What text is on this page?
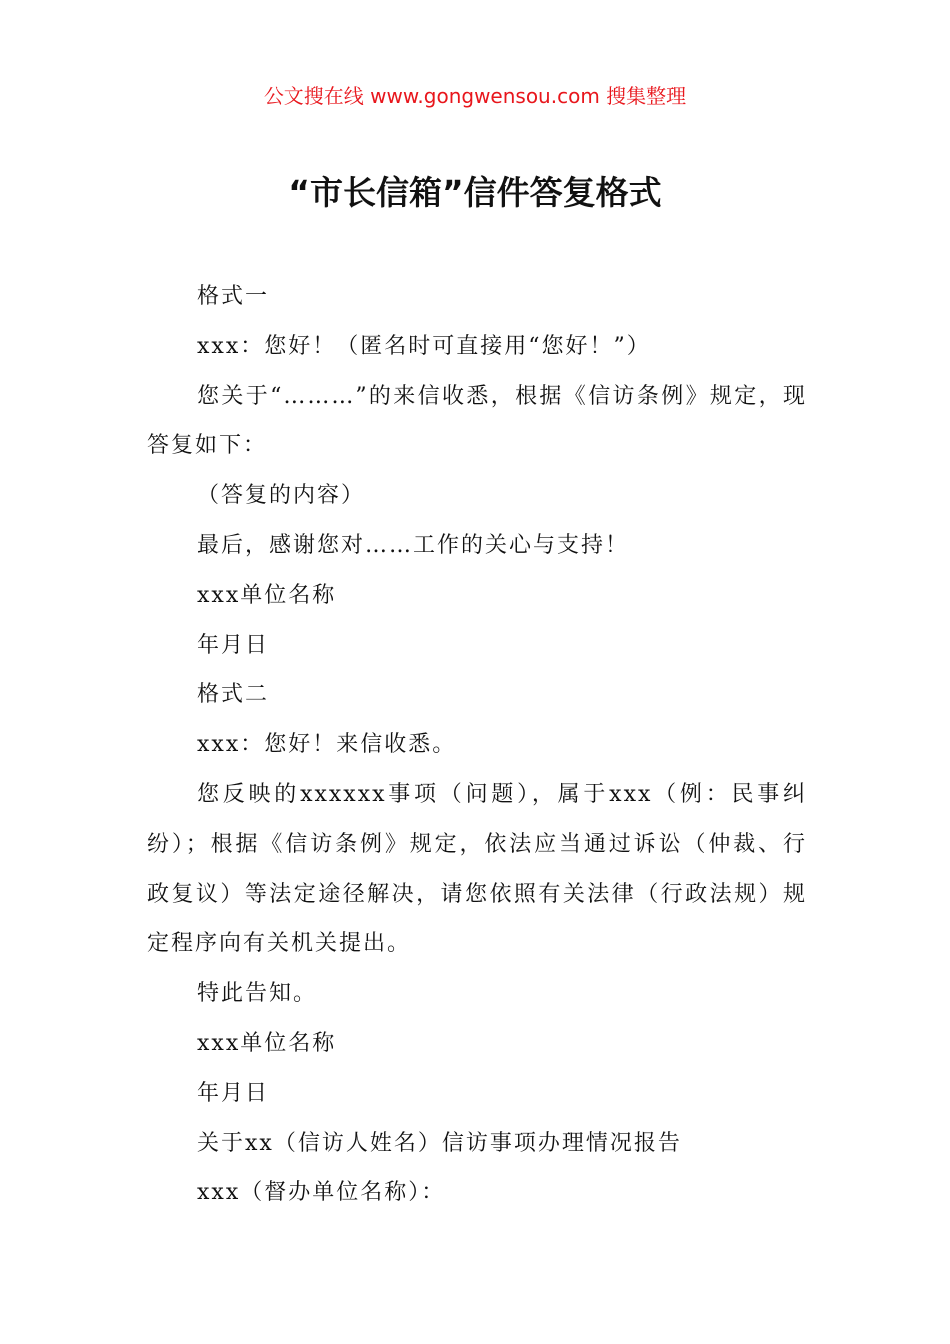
公文搜在线 www.gongwensou.com 搜集整理
“市长信箱”信件答复格式

格式一

xxx：您好！（匿名时可直接用“您好！”）

您关于“………”的来信收悉，根据《信访条例》规定，现答复如下：

（答复的内容）

最后，感谢您对……工作的关心与支持！

xxx单位名称

年月日

格式二

xxx：您好！来信收悉。

您反映的xxxxxx事项（问题），属于xxx（例：民事纠纷）；根据《信访条例》规定，依法应当通过诉讼（仲裁、行政复议）等法定途径解决，请您依照有关法律（行政法规）规定程序向有关机关提出。

特此告知。

xxx单位名称

年月日

关于xx（信访人姓名）信访事项办理情况报告

xxx（督办单位名称）：
